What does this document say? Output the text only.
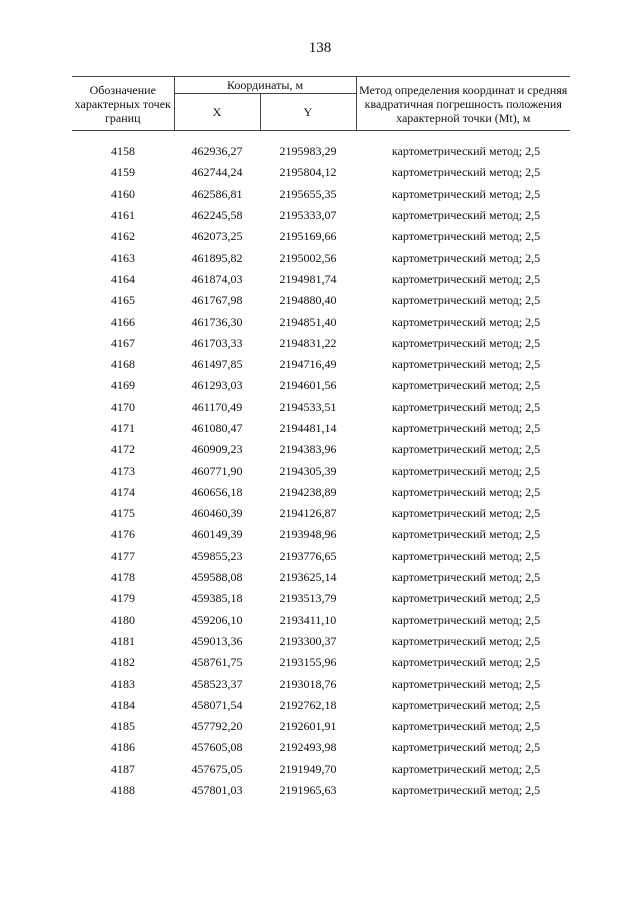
138
Обозначение характерных точек границ	Координаты, м		Метод определения координат и средняя квадратичная погрешность положения характерной точки (Mt), м
	X	Y	

4158	462936,27	2195983,29	картометрический метод; 2,5
4159	462744,24	2195804,12	картометрический метод; 2,5
4160	462586,81	2195655,35	картометрический метод; 2,5
4161	462245,58	2195333,07	картометрический метод; 2,5
4162	462073,25	2195169,66	картометрический метод; 2,5
4163	461895,82	2195002,56	картометрический метод; 2,5
4164	461874,03	2194981,74	картометрический метод; 2,5
4165	461767,98	2194880,40	картометрический метод; 2,5
4166	461736,30	2194851,40	картометрический метод; 2,5
4167	461703,33	2194831,22	картометрический метод; 2,5
4168	461497,85	2194716,49	картометрический метод; 2,5
4169	461293,03	2194601,56	картометрический метод; 2,5
4170	461170,49	2194533,51	картометрический метод; 2,5
4171	461080,47	2194481,14	картометрический метод; 2,5
4172	460909,23	2194383,96	картометрический метод; 2,5
4173	460771,90	2194305,39	картометрический метод; 2,5
4174	460656,18	2194238,89	картометрический метод; 2,5
4175	460460,39	2194126,87	картометрический метод; 2,5
4176	460149,39	2193948,96	картометрический метод; 2,5
4177	459855,23	2193776,65	картометрический метод; 2,5
4178	459588,08	2193625,14	картометрический метод; 2,5
4179	459385,18	2193513,79	картометрический метод; 2,5
4180	459206,10	2193411,10	картометрический метод; 2,5
4181	459013,36	2193300,37	картометрический метод; 2,5
4182	458761,75	2193155,96	картометрический метод; 2,5
4183	458523,37	2193018,76	картометрический метод; 2,5
4184	458071,54	2192762,18	картометрический метод; 2,5
4185	457792,20	2192601,91	картометрический метод; 2,5
4186	457605,08	2192493,98	картометрический метод; 2,5
4187	457675,05	2191949,70	картометрический метод; 2,5
4188	457801,03	2191965,63	картометрический метод; 2,5
